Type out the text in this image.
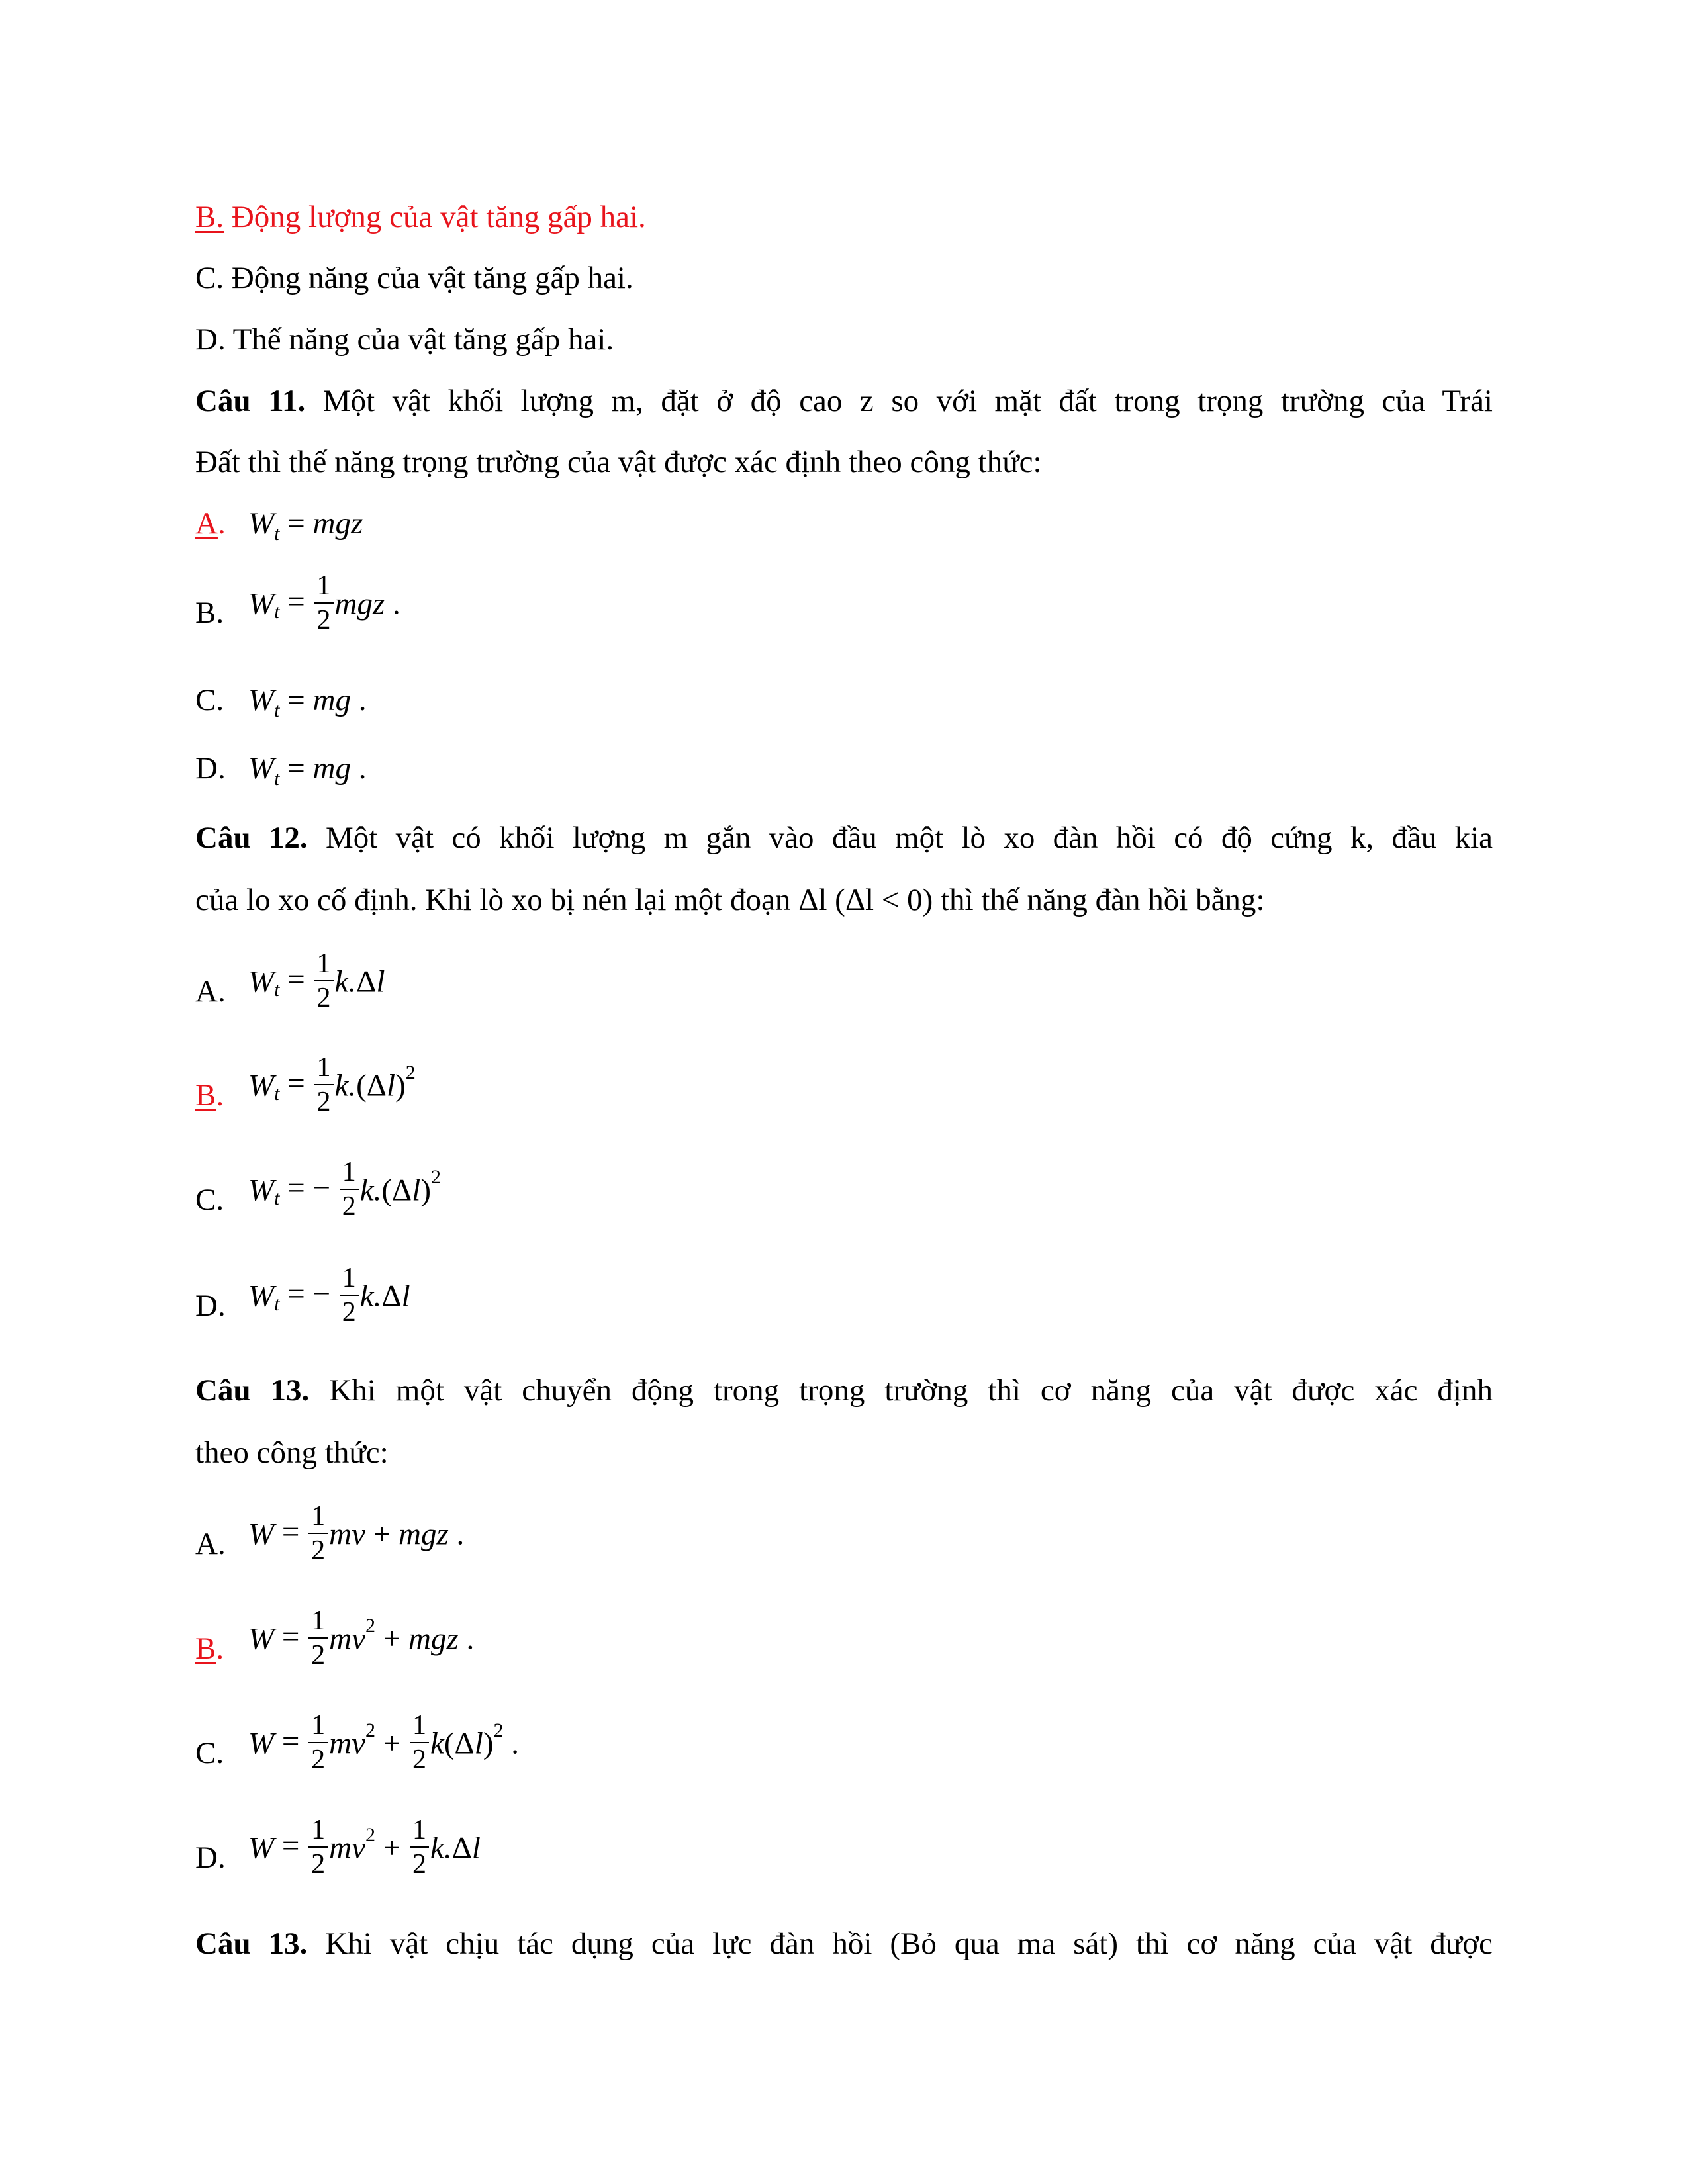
B. Động lượng của vật tăng gấp hai.
C. Động năng của vật tăng gấp hai.
D. Thế năng của vật tăng gấp hai.
Câu 11. Một vật khối lượng m, đặt ở độ cao z so với mặt đất trong trọng trường của Trái
Đất thì thế năng trọng trường của vật được xác định theo công thức:
A. $W_t$ = mgz
B. $W_t = \frac{1}{2}$ mgz .
C. $W_t$ = mg .
D. $W_t$ = mg .
Câu 12. Một vật có khối lượng m gắn vào đầu một lò xo đàn hồi có độ cứng k, đầu kia
của lo xo cố định. Khi lò xo bị nén lại một đoạn Δl (Δl < 0) thì thế năng đàn hồi bằng:
A. $W_t = \frac{1}{2} k.\Delta l$
B. $W_t = \frac{1}{2} k.(\Delta l)^2$
C. $W_t$ = − $\frac{1}{2} k.(\Delta l)^2$
D. $W_t$ = − $\frac{1}{2} k.\Delta l$
Câu 13. Khi một vật chuyển động trong trọng trường thì cơ năng của vật được xác định
theo công thức:
A. $W = \frac{1}{2}$ mv + mgz .
B. $W = \frac{1}{2} mv^2$ + mgz .
C. $W = \frac{1}{2} mv^2 + \frac{1}{2} k(\Delta l)^2$ .
D. $W = \frac{1}{2} mv^2 + \frac{1}{2} k.\Delta l$
Câu 13. Khi vật chịu tác dụng của lực đàn hồi (Bỏ qua ma sát) thì cơ năng của vật được
